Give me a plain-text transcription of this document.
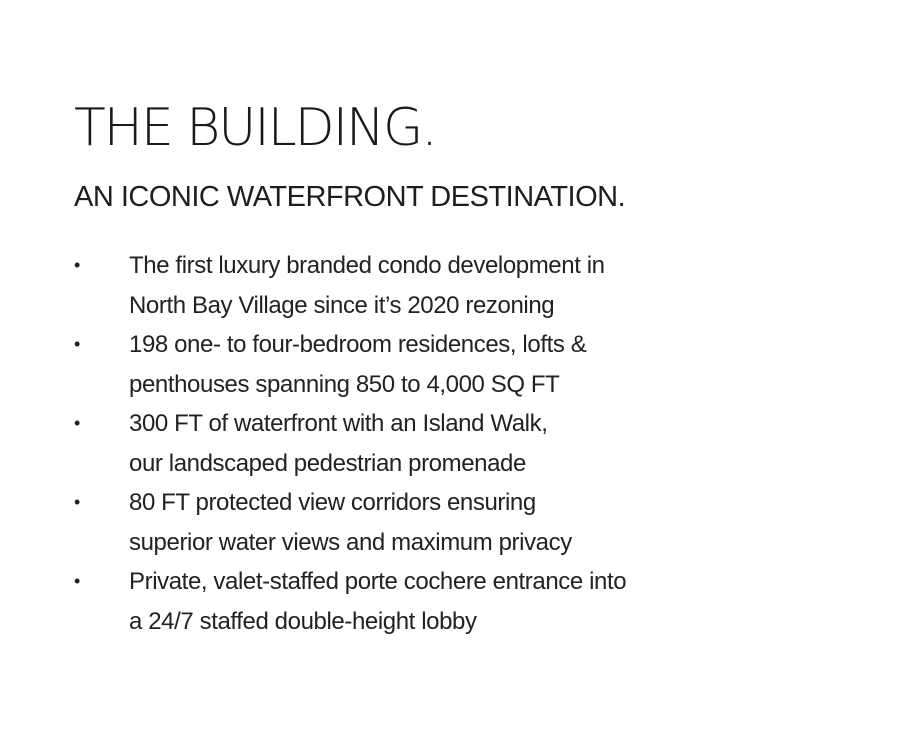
THE BUILDING.
AN ICONIC WATERFRONT DESTINATION.
• The first luxury branded condo development in
North Bay Village since it’s 2020 rezoning
• 198 one- to four-bedroom residences, lofts &
penthouses spanning 850 to 4,000 SQ FT
• 300 FT of waterfront with an Island Walk,
our landscaped pedestrian promenade
• 80 FT protected view corridors ensuring
superior water views and maximum privacy
• Private, valet-staffed porte cochere entrance into
a 24/7 staffed double-height lobby
